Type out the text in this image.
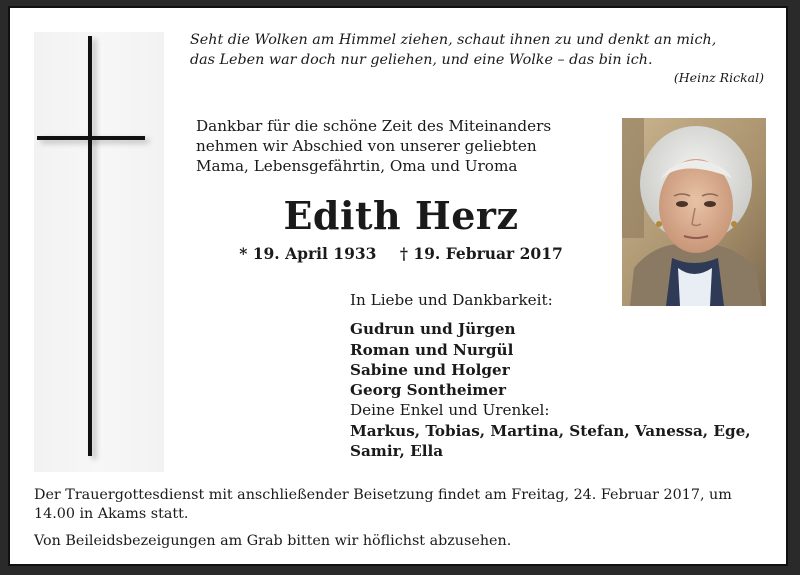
Seht die Wolken am Himmel ziehen, schaut ihnen zu und denkt an mich,
das Leben war doch nur geliehen, und eine Wolke – das bin ich.
(Heinz Rickal)
Dankbar für die schöne Zeit des Miteinanders
nehmen wir Abschied von unserer geliebten
Mama, Lebensgefährtin, Oma und Uroma
Edith Herz
* 19. April 1933 † 19. Februar 2017
In Liebe und Dankbarkeit:
Gudrun und Jürgen
Roman und Nurgül
Sabine und Holger
Georg Sontheimer
Deine Enkel und Urenkel:
Markus, Tobias, Martina, Stefan, Vanessa, Ege,
Samir, Ella

Der Trauergottesdienst mit anschließender Beisetzung findet am Freitag, 24. Februar 2017, um 14.00 in Akams statt.

Von Beileidsbezeigungen am Grab bitten wir höflichst abzusehen.
